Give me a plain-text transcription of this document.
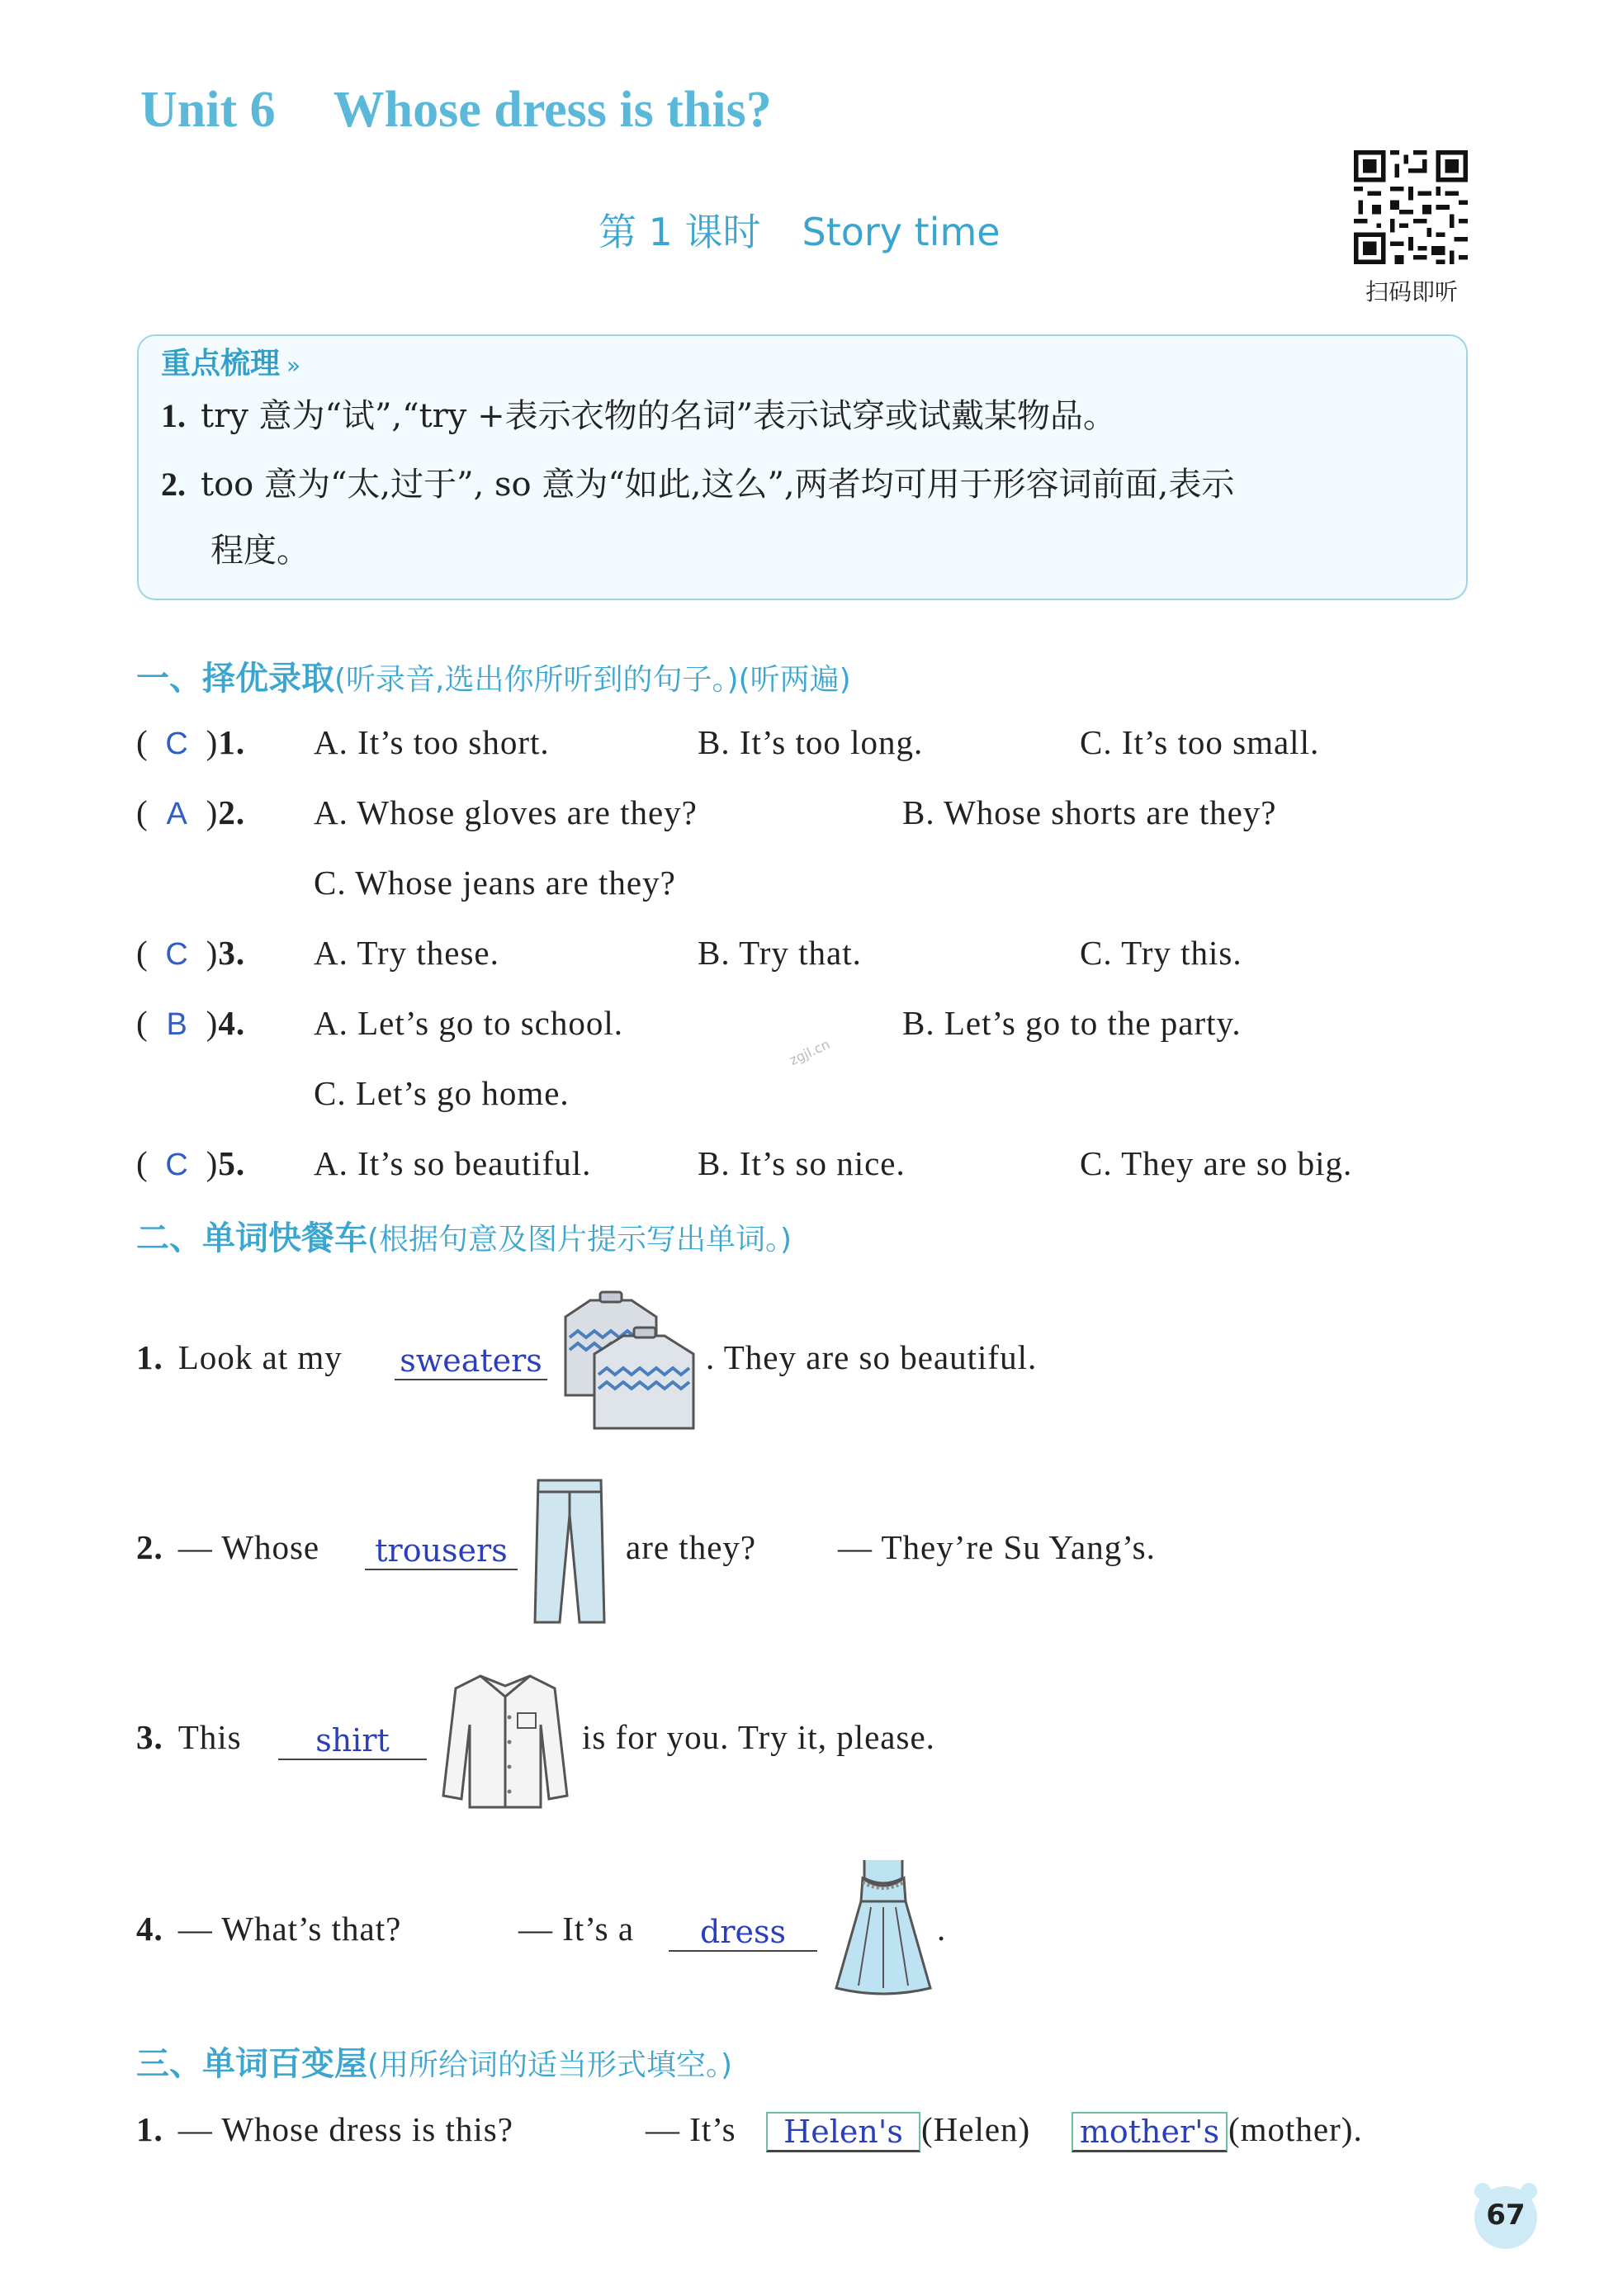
Unit 6 Whose dress is this?
第 1 课时 Story time
扫码即听
重点梳理 »
1. try 意为“试”,“try +表示衣物的名词”表示试穿或试戴某物品。
2. too 意为“太,过于”, so 意为“如此,这么”,两者均可用于形容词前面,表示
程度。
一、择优录取(听录音,选出你所听到的句子。)(听两遍)
( C )1.	A. It’s too short.	B. It’s too long.	C. It’s too small.
( A )2.	A. Whose gloves are they?	B. Whose shorts are they?
C. Whose jeans are they?
( C )3.	A. Try these.	B. Try that.	C. Try this.
( B )4.	A. Let’s go to school.	B. Let’s go to the party.
C. Let’s go home.
zgjl.cn
( C )5.	A. It’s so beautiful.	B. It’s so nice.	C. They are so big.
二、单词快餐车(根据句意及图片提示写出单词。)
1. Look at my sweaters	. They are so beautiful.
2. — Whose	trousers	are they? — They’re Su Yang’s.
3. This	shirt	is for you. Try it, please.
4. — What’s that?	— It’s a	dress	.
三、单词百变屋(用所给词的适当形式填空。)
1. — Whose dress is this?	— It’s	Helen's (Helen) mother's (mother).
67
